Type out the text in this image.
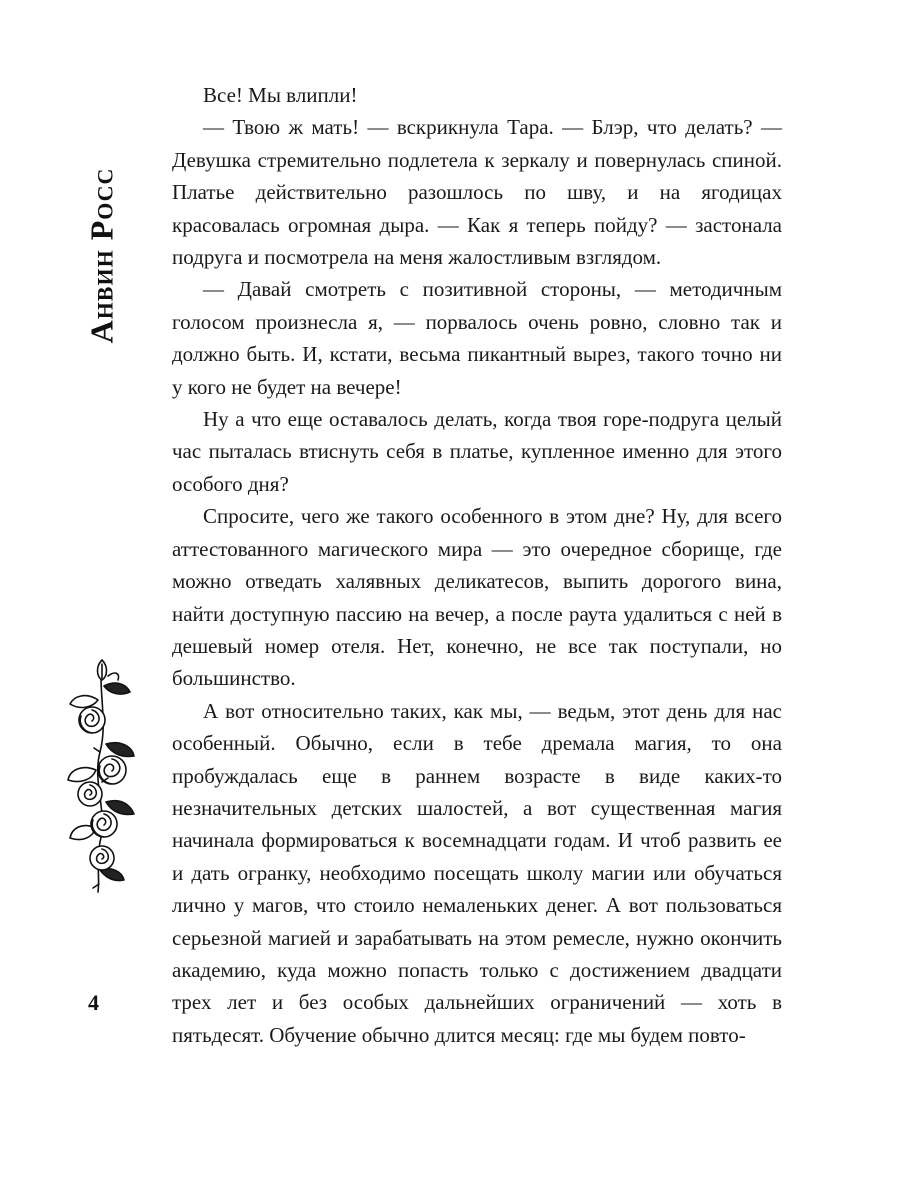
Анвин Росс
4

Все! Мы влипли!

— Твою ж мать! — вскрикнула Тара. — Блэр, что делать? — Девушка стремительно подлетела к зеркалу и повернулась спиной. Платье действительно разошлось по шву, и на ягодицах красовалась огромная дыра. — Как я теперь пойду? — застонала подруга и посмотрела на меня жалостливым взглядом.

— Давай смотреть с позитивной стороны, — методичным голосом произнесла я, — порвалось очень ровно, словно так и должно быть. И, кстати, весьма пикантный вырез, такого точно ни у кого не будет на вечере!

Ну а что еще оставалось делать, когда твоя горе-подруга целый час пыталась втиснуть себя в платье, купленное именно для этого особого дня?

Спросите, чего же такого особенного в этом дне? Ну, для всего аттестованного магического мира — это очередное сборище, где можно отведать халявных деликатесов, выпить дорогого вина, найти доступную пассию на вечер, а после раута удалиться с ней в дешевый номер отеля. Нет, конечно, не все так поступали, но большинство.

А вот относительно таких, как мы, — ведьм, этот день для нас особенный. Обычно, если в тебе дремала магия, то она пробуждалась еще в раннем возрасте в виде каких-то незначительных детских шалостей, а вот существенная магия начинала формироваться к восемнадцати годам. И чтоб развить ее и дать огранку, необходимо посещать школу магии или обучаться лично у магов, что стоило немаленьких денег. А вот пользоваться серьезной магией и зарабатывать на этом ремесле, нужно окончить академию, куда можно попасть только с достижением двадцати трех лет и без особых дальнейших ограничений — хоть в пятьдесят. Обучение обычно длится месяц: где мы будем повто-
